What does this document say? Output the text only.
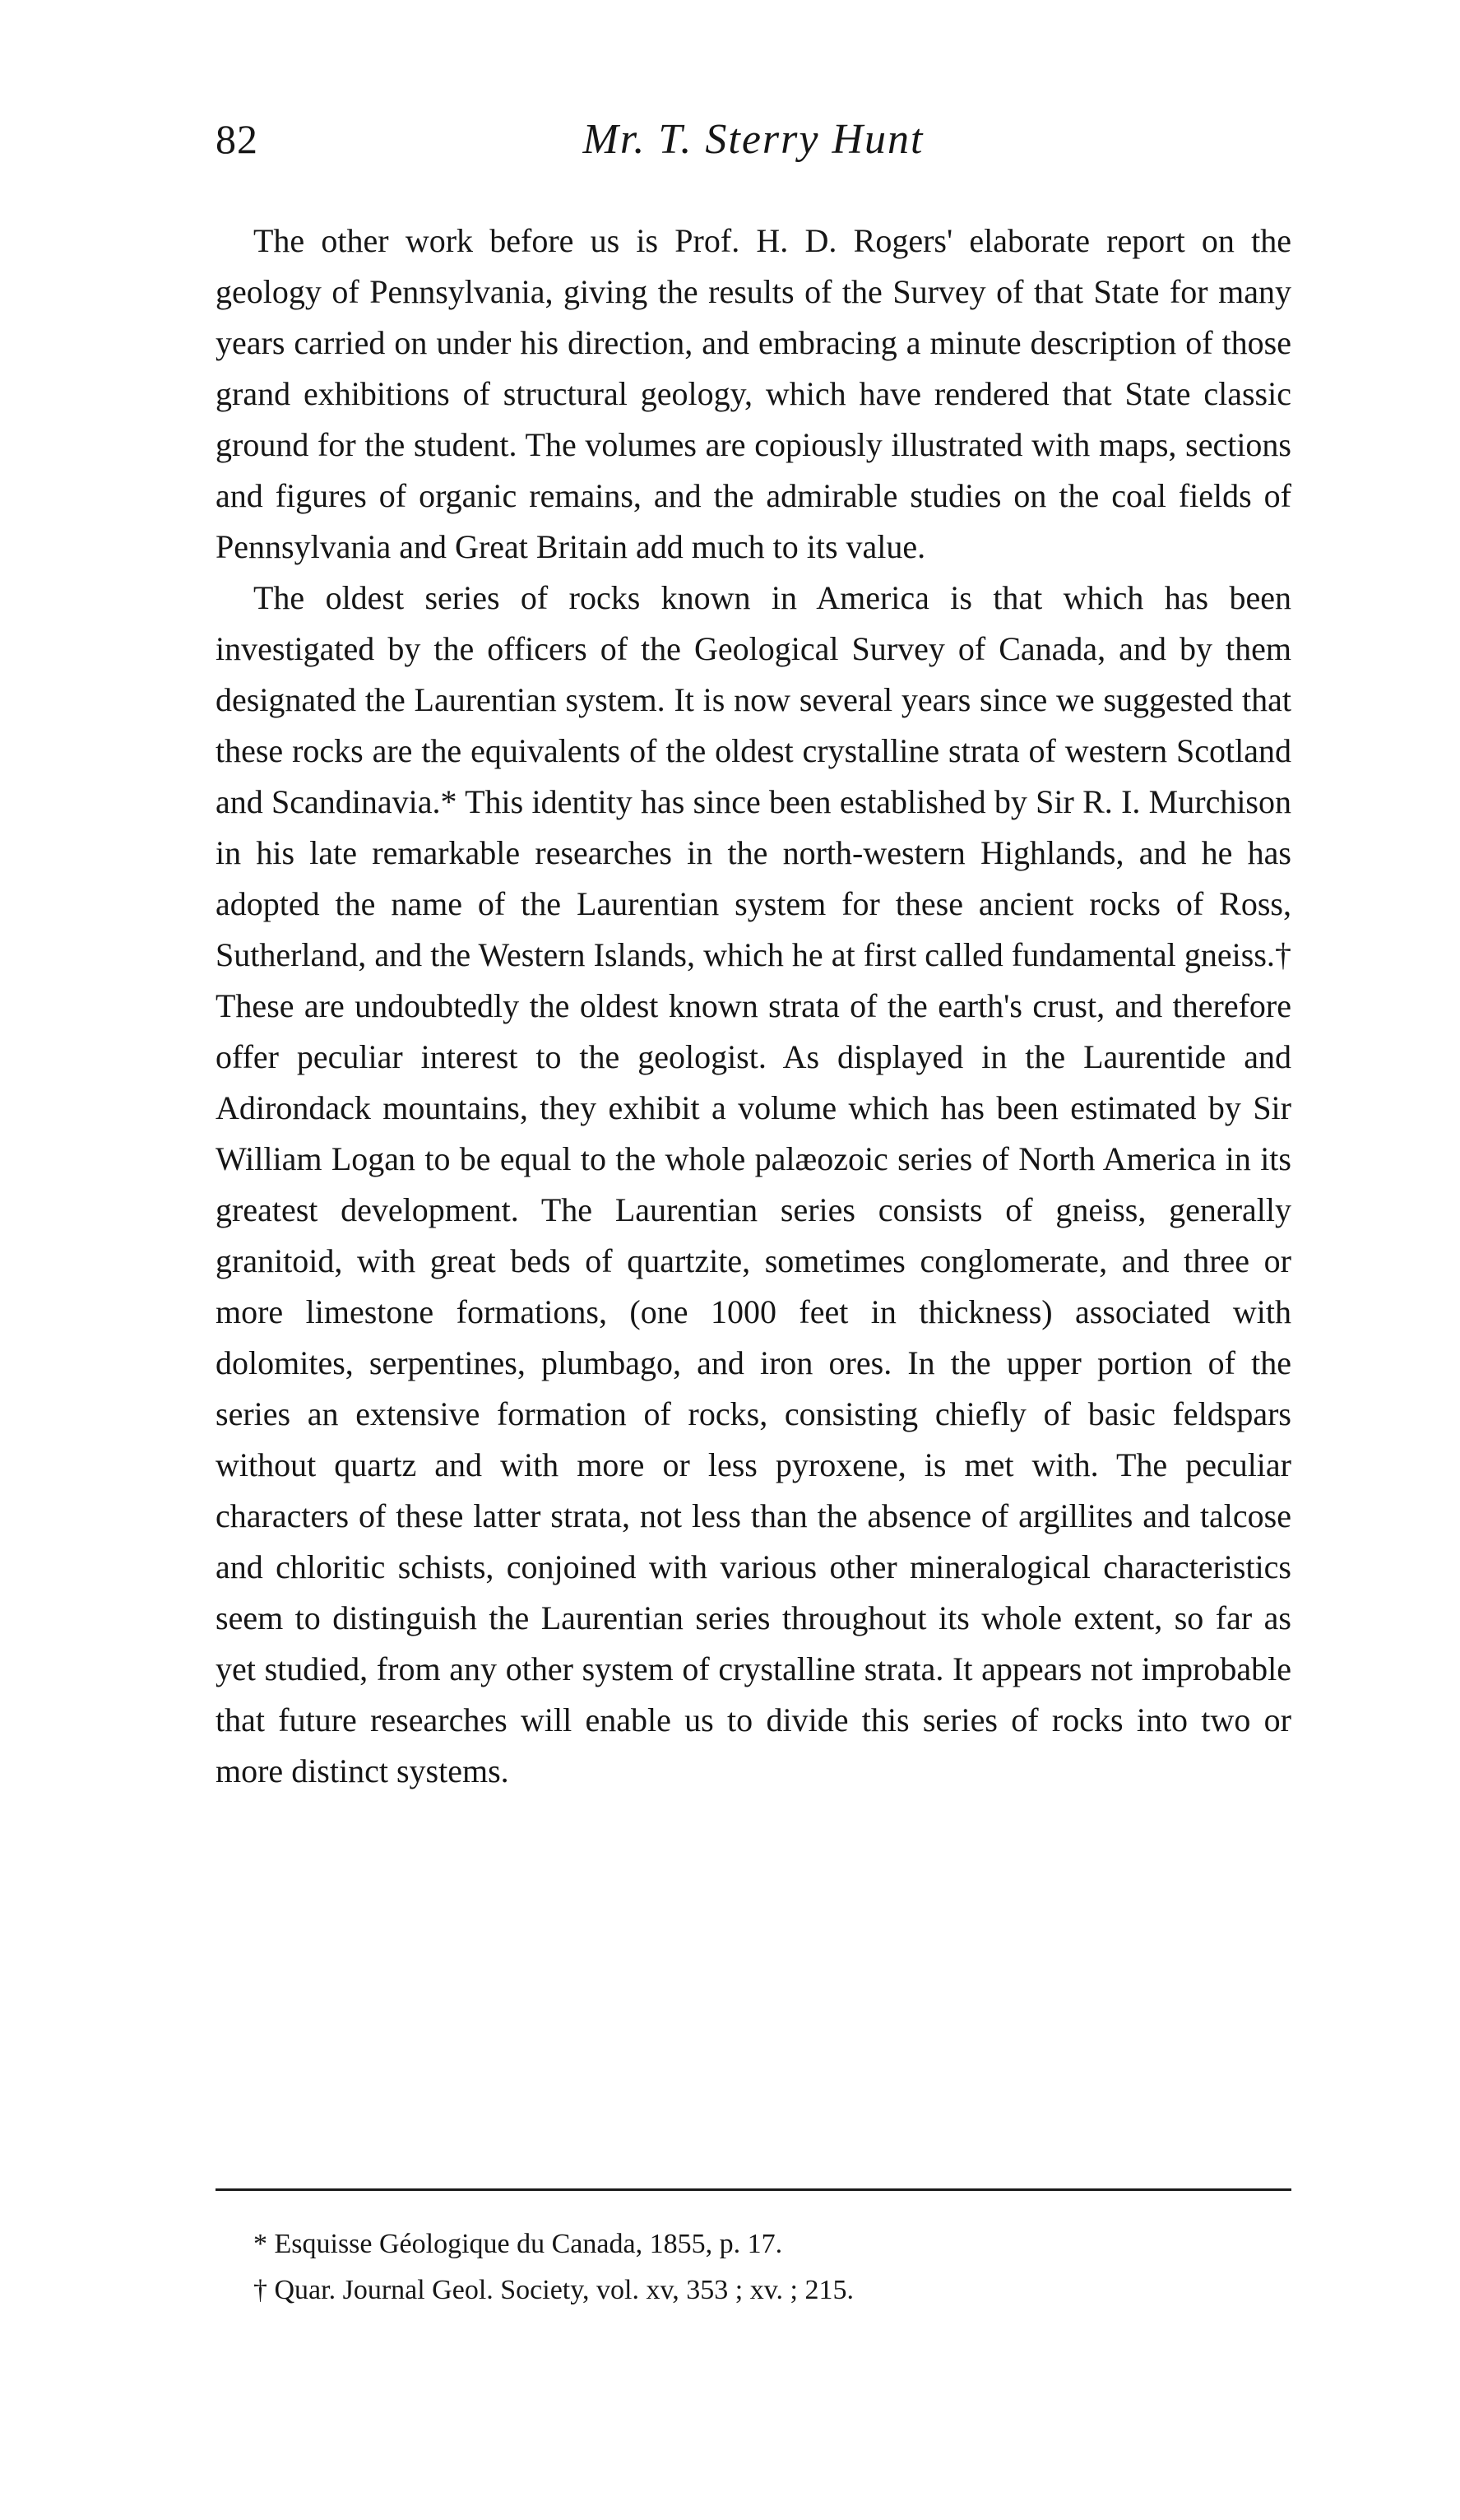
82	Mr. T. Sterry Hunt

The other work before us is Prof. H. D. Rogers' elaborate report on the geology of Pennsylvania, giving the results of the Survey of that State for many years carried on under his direction, and embracing a minute description of those grand exhibitions of structural geology, which have rendered that State classic ground for the student. The volumes are copiously illustrated with maps, sections and figures of organic remains, and the admirable studies on the coal fields of Pennsylvania and Great Britain add much to its value.

The oldest series of rocks known in America is that which has been investigated by the officers of the Geological Survey of Canada, and by them designated the Laurentian system. It is now several years since we suggested that these rocks are the equivalents of the oldest crystalline strata of western Scotland and Scandinavia.* This identity has since been established by Sir R. I. Murchison in his late remarkable researches in the north-western Highlands, and he has adopted the name of the Laurentian system for these ancient rocks of Ross, Sutherland, and the Western Islands, which he at first called fundamental gneiss.† These are undoubtedly the oldest known strata of the earth's crust, and therefore offer peculiar interest to the geologist. As displayed in the Laurentide and Adirondack mountains, they exhibit a volume which has been estimated by Sir William Logan to be equal to the whole palæozoic series of North America in its greatest development. The Laurentian series consists of gneiss, generally granitoid, with great beds of quartzite, sometimes conglomerate, and three or more limestone formations, (one 1000 feet in thickness) associated with dolomites, serpentines, plumbago, and iron ores. In the upper portion of the series an extensive formation of rocks, consisting chiefly of basic feldspars without quartz and with more or less pyroxene, is met with. The peculiar characters of these latter strata, not less than the absence of argillites and talcose and chloritic schists, conjoined with various other mineralogical characteristics seem to distinguish the Laurentian series throughout its whole extent, so far as yet studied, from any other system of crystalline strata. It appears not improbable that future researches will enable us to divide this series of rocks into two or more distinct systems.

* Esquisse Géologique du Canada, 1855, p. 17.

† Quar. Journal Geol. Society, vol. xv, 353 ; xv. ; 215.
